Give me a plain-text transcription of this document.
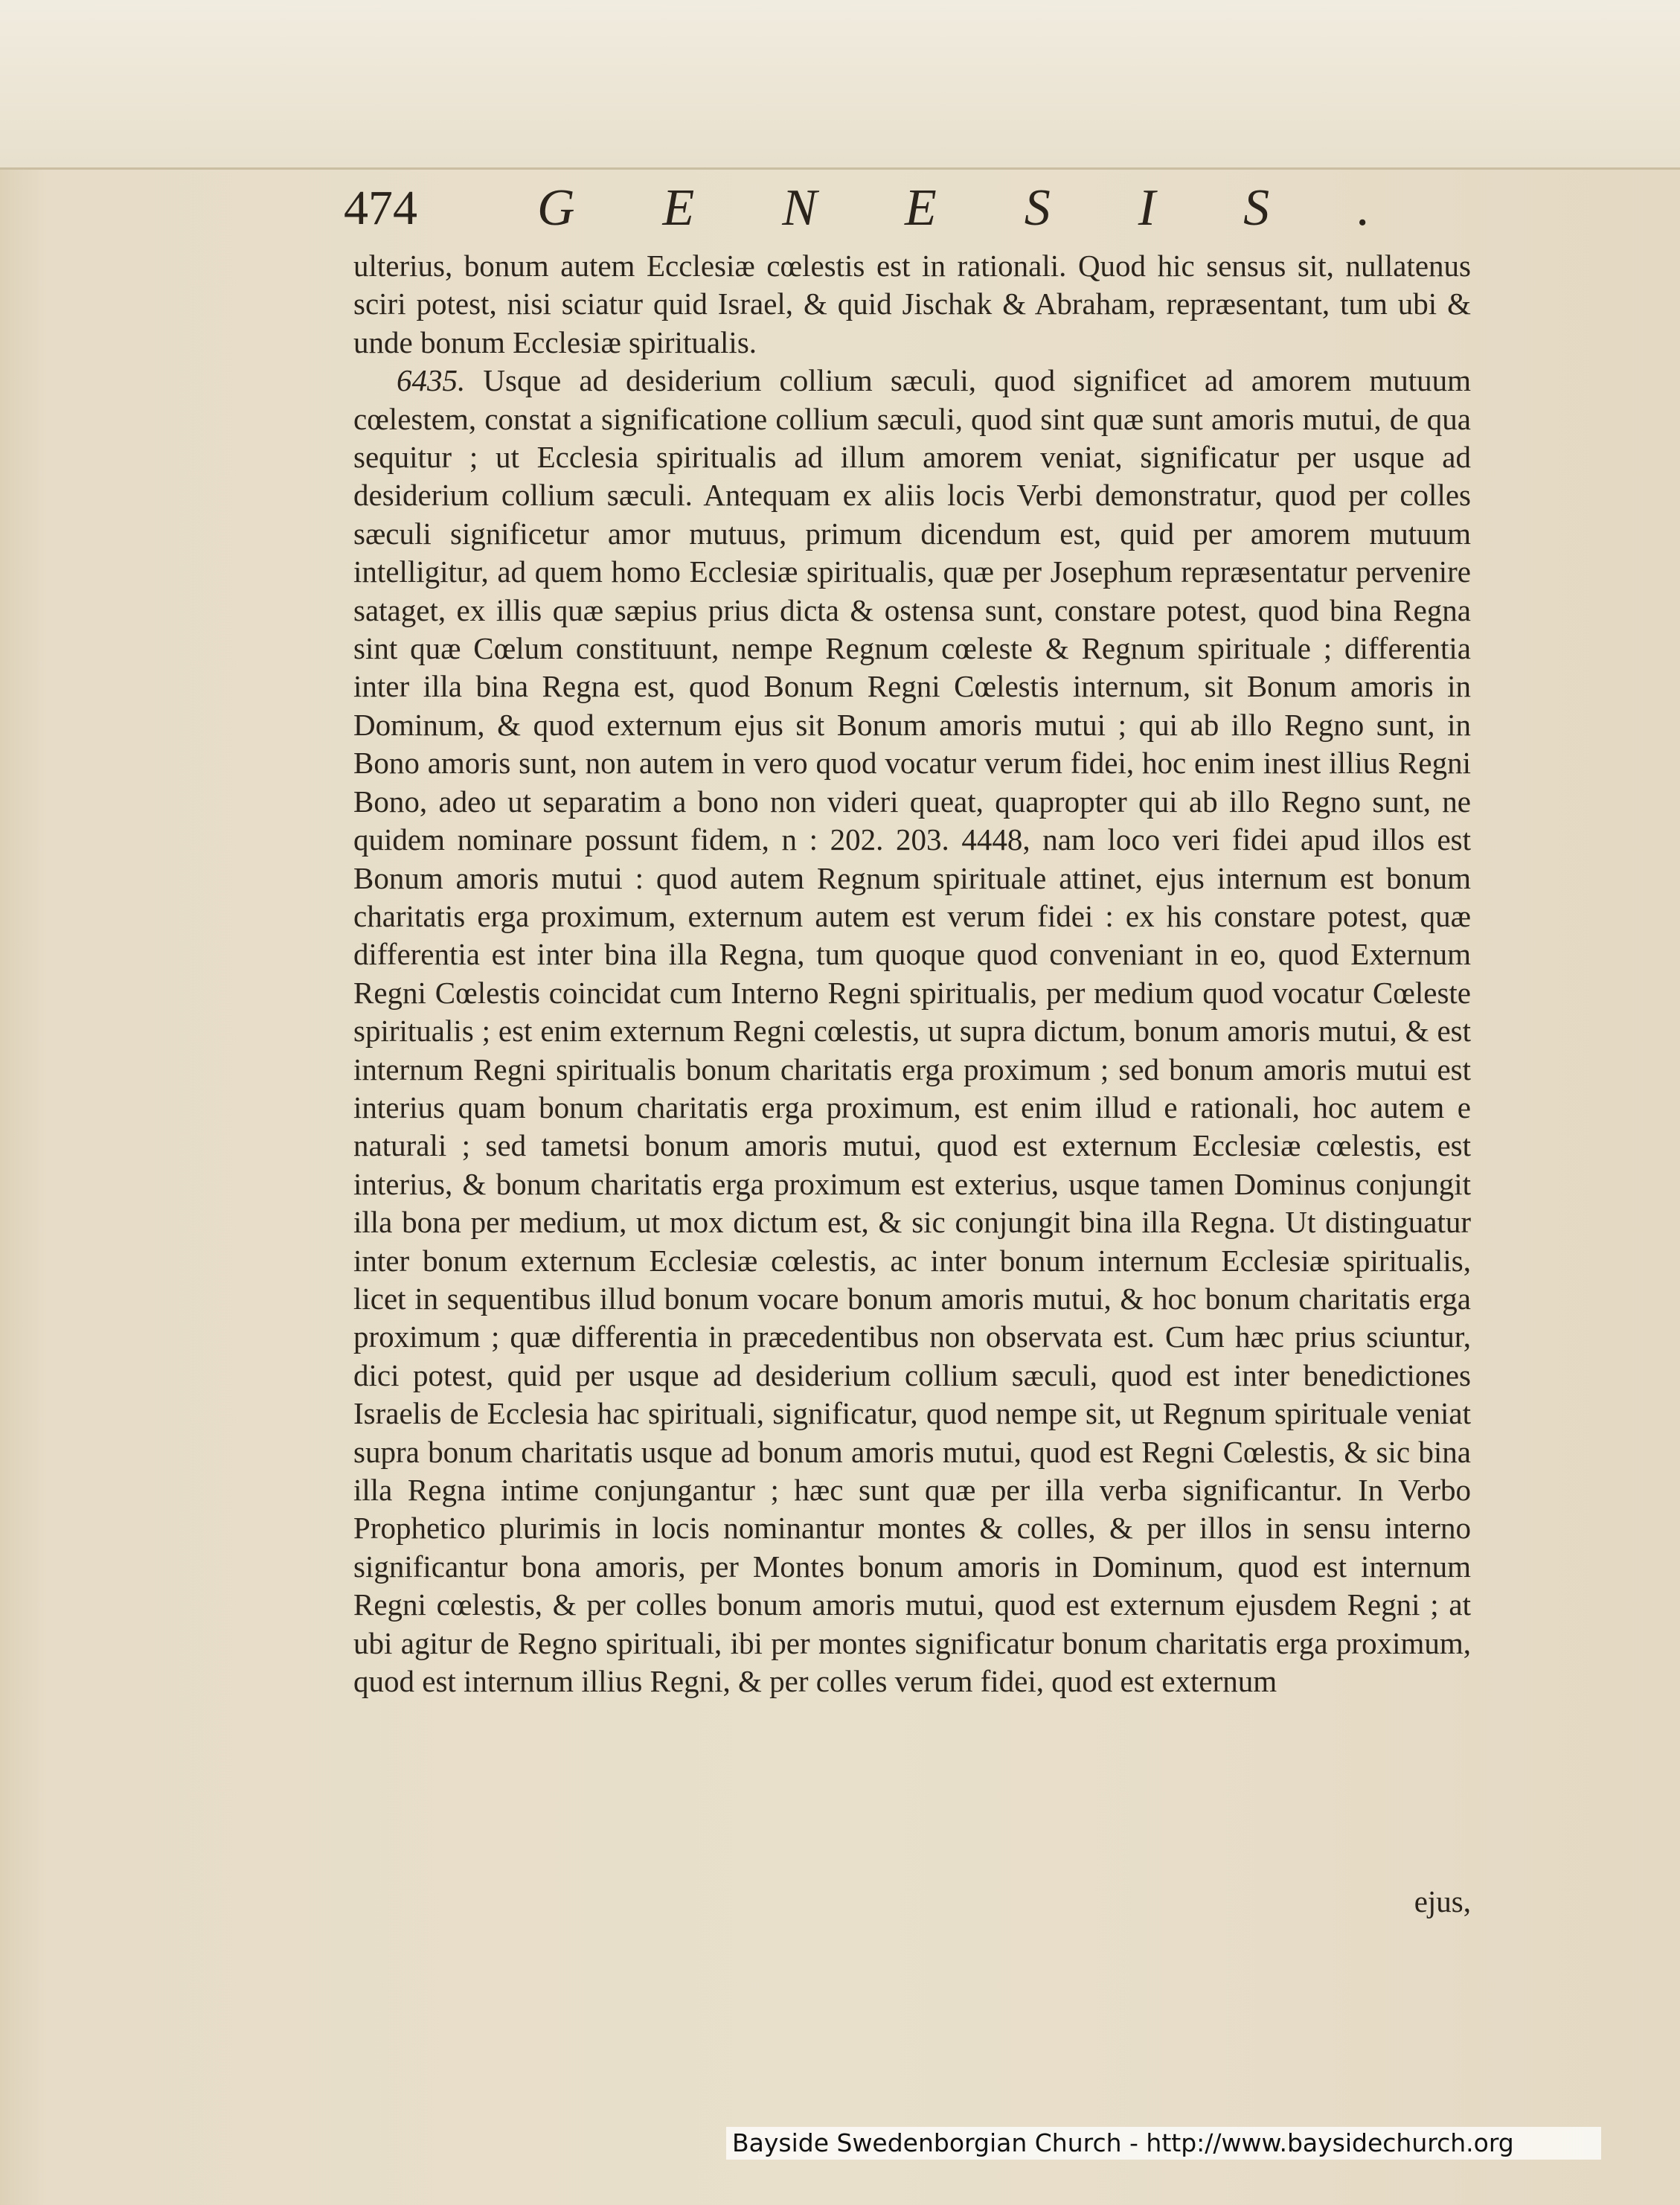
474 GENESIS.

ulterius, bonum autem Ecclesiæ cœlestis est in rationali. Quod hic sensus sit, nullatenus sciri potest, nisi sciatur quid Israel, & quid Jischak & Abraham, repræsentant, tum ubi & unde bonum Ecclesiæ spiritualis.

6435. Usque ad desiderium collium sæculi, quod significet ad amorem mutuum cœlestem, constat a significatione collium sæculi, quod sint quæ sunt amoris mutui, de qua sequitur ; ut Ecclesia spiritualis ad illum amorem veniat, significatur per usque ad desiderium collium sæculi. Antequam ex aliis locis Verbi demonstratur, quod per colles sæculi significetur amor mutuus, primum dicendum est, quid per amorem mutuum intelligitur, ad quem homo Ecclesiæ spiritualis, quæ per Josephum repræsentatur pervenire sataget, ex illis quæ sæpius prius dicta & ostensa sunt, constare potest, quod bina Regna sint quæ Cœlum constituunt, nempe Regnum cœleste & Regnum spirituale ; differentia inter illa bina Regna est, quod Bonum Regni Cœlestis internum, sit Bonum amoris in Dominum, & quod externum ejus sit Bonum amoris mutui ; qui ab illo Regno sunt, in Bono amoris sunt, non autem in vero quod vocatur verum fidei, hoc enim inest illius Regni Bono, adeo ut separatim a bono non videri queat, quapropter qui ab illo Regno sunt, ne quidem nominare possunt fidem, n : 202. 203. 4448, nam loco veri fidei apud illos est Bonum amoris mutui : quod autem Regnum spirituale attinet, ejus internum est bonum charitatis erga proximum, externum autem est verum fidei : ex his constare potest, quæ differentia est inter bina illa Regna, tum quoque quod conveniant in eo, quod Externum Regni Cœlestis coincidat cum Interno Regni spiritualis, per medium quod vocatur Cœleste spiritualis ; est enim externum Regni cœlestis, ut supra dictum, bonum amoris mutui, & est internum Regni spiritualis bonum charitatis erga proximum ; sed bonum amoris mutui est interius quam bonum charitatis erga proximum, est enim illud e rationali, hoc autem e naturali ; sed tametsi bonum amoris mutui, quod est externum Ecclesiæ cœlestis, est interius, & bonum charitatis erga proximum est exterius, usque tamen Dominus conjungit illa bona per medium, ut mox dictum est, & sic conjungit bina illa Regna. Ut distinguatur inter bonum externum Ecclesiæ cœlestis, ac inter bonum internum Ecclesiæ spiritualis, licet in sequentibus illud bonum vocare bonum amoris mutui, & hoc bonum charitatis erga proximum ; quæ differentia in præcedentibus non observata est. Cum hæc prius sciuntur, dici potest, quid per usque ad desiderium collium sæculi, quod est inter benedictiones Israelis de Ecclesia hac spirituali, significatur, quod nempe sit, ut Regnum spirituale veniat supra bonum charitatis usque ad bonum amoris mutui, quod est Regni Cœlestis, & sic bina illa Regna intime conjungantur ; hæc sunt quæ per illa verba significantur. In Verbo Prophetico plurimis in locis nominantur montes & colles, & per illos in sensu interno significantur bona amoris, per Montes bonum amoris in Dominum, quod est internum Regni cœlestis, & per colles bonum amoris mutui, quod est externum ejusdem Regni ; at ubi agitur de Regno spirituali, ibi per montes significatur bonum charitatis erga proximum, quod est internum illius Regni, & per colles verum fidei, quod est externum

ejus,
Bayside Swedenborgian Church - http://www.baysidechurch.org
